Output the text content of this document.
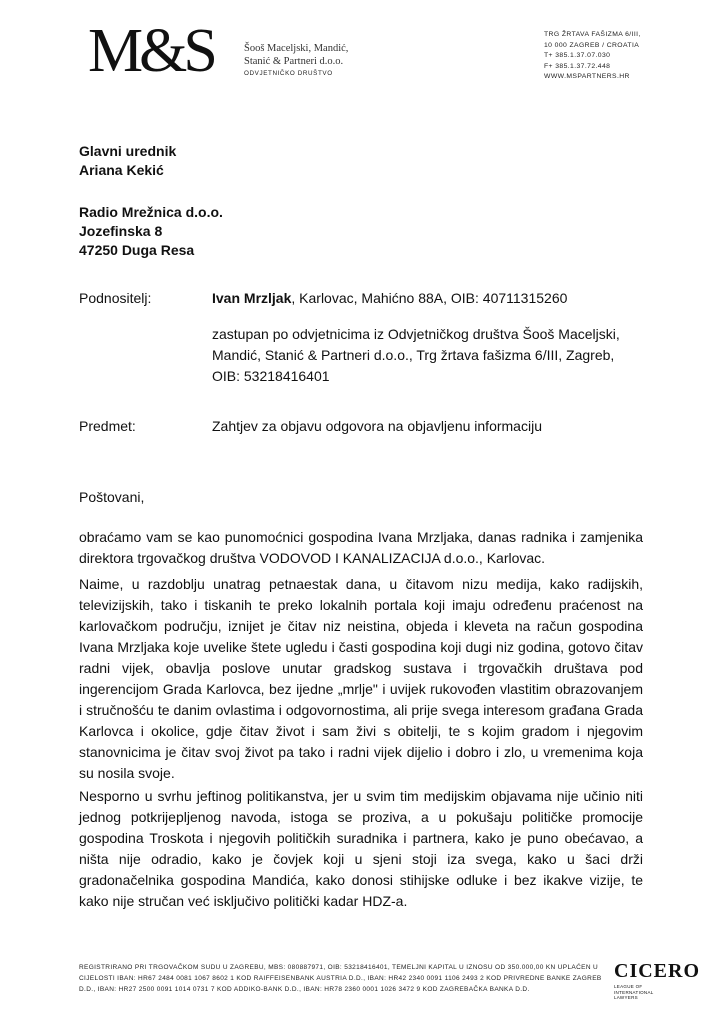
M&S	Šooš Maceljski, Mandić,
Stanić & Partneri d.o.o.
ODVJETNIČKO DRUŠTVO
TRG ŽRTAVA FAŠIZMA 6/III,
10 000 ZAGREB / CROATIA
T+ 385.1.37.07.030
F+ 385.1.37.72.448
WWW.MSPARTNERS.HR
Glavni urednik
Ariana Kekić
Radio Mrežnica d.o.o.
Jozefinska 8
47250 Duga Resa
Podnositelj:	Ivan Mrzljak, Karlovac, Mahićno 88A, OIB: 40711315260
zastupan po odvjetnicima iz Odvjetničkog društva Šooš Maceljski, Mandić, Stanić & Partneri d.o.o., Trg žrtava fašizma 6/III, Zagreb, OIB: 53218416401
Predmet:	Zahtjev za objavu odgovora na objavljenu informaciju
Poštovani,
obraćamo vam se kao punomoćnici gospodina Ivana Mrzljaka, danas radnika i zamjenika direktora trgovačkog društva VODOVOD I KANALIZACIJA d.o.o., Karlovac.
Naime, u razdoblju unatrag petnaestak dana, u čitavom nizu medija, kako radijskih, televizijskih, tako i tiskanih te preko lokalnih portala koji imaju određenu praćenost na karlovačkom području, iznijet je čitav niz neistina, objeda i kleveta na račun gospodina Ivana Mrzljaka koje uvelike štete ugledu i časti gospodina koji dugi niz godina, gotovo čitav radni vijek, obavlja poslove unutar gradskog sustava i trgovačkih društava pod ingerencijom Grada Karlovca, bez ijedne „mrlje" i uvijek rukovođen vlastitim obrazovanjem i stručnošću te danim ovlastima i odgovornostima, ali prije svega interesom građana Grada Karlovca i okolice, gdje čitav život i sam živi s obitelji, te s kojim gradom i njegovim stanovnicima je čitav svoj život pa tako i radni vijek dijelio i dobro i zlo, u vremenima koja su nosila svoje.
Nesporno u svrhu jeftinog politikanstva, jer u svim tim medijskim objavama nije učinio niti jednog potkrijepljenog navoda, istoga se proziva, a u pokušaju političke promocije gospodina Troskota i njegovih političkih suradnika i partnera, kako je puno obećavao, a ništa nije odradio, kako je čovjek koji u sjeni stoji iza svega, kako u šaci drži gradonačelnika gospodina Mandića, kako donosi stihijske odluke i bez ikakve vizije, te kako nije stručan već isključivo politički kadar HDZ-a.
REGISTRIRANO PRI TRGOVAČKOM SUDU U ZAGREBU, MBS: 080887971, OIB: 53218416401, TEMELJNI KAPITAL U IZNOSU OD 350.000,00 KN UPLAĆEN U CIJELOSTI IBAN: HR67 2484 0081 1067 8602 1 KOD RAIFFEISENBANK AUSTRIA D.D., IBAN: HR42 2340 0091 1106 2493 2 KOD PRIVREDNE BANKE ZAGREB D.D., IBAN: HR27 2500 0091 1014 0731 7 KOD ADDIKO-BANK D.D., IBAN: HR78 2360 0001 1026 3472 9 KOD ZAGREBAČKA BANKA D.D.
CICERO
LEAGUE OF INTERNATIONAL LAWYERS
